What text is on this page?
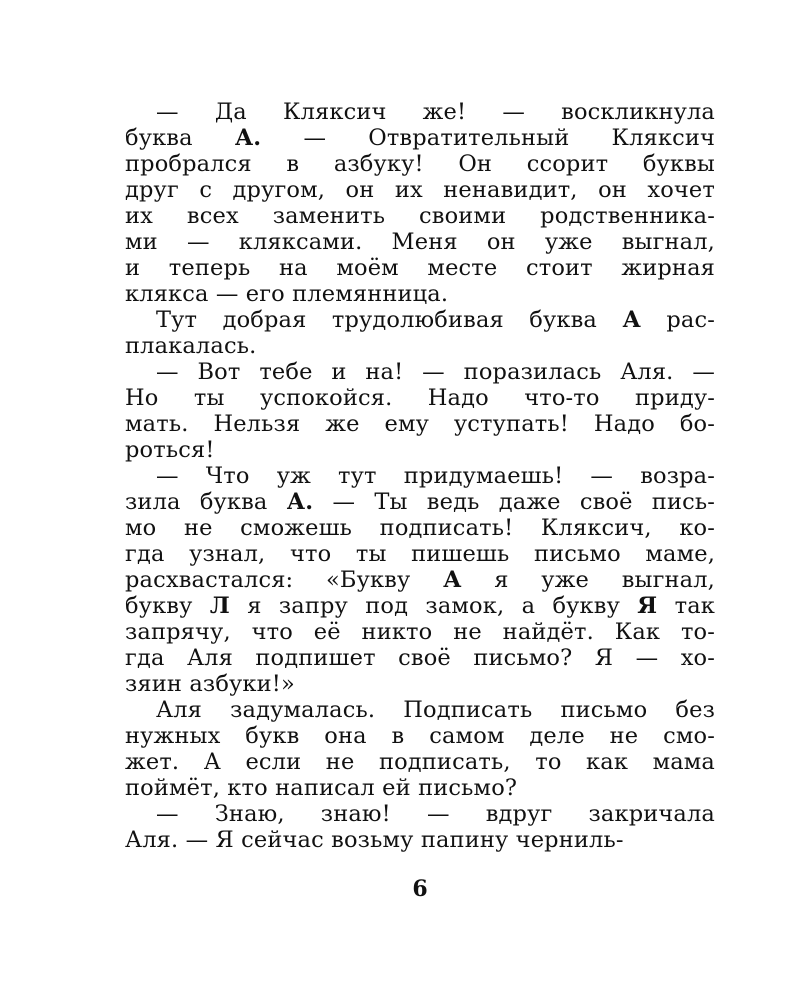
— Да Кляксич же! — воскликнула
буква А. — Отвратительный Кляксич
пробрался в азбуку! Он ссорит буквы
друг с другом, он их ненавидит, он хочет
их всех заменить своими родственника-
ми — кляксами. Меня он уже выгнал,
и теперь на моём месте стоит жирная
клякса — его племянница.
Тут добрая трудолюбивая буква А рас-
плакалась.
— Вот тебе и на! — поразилась Аля. —
Но ты успокойся. Надо что-то приду-
мать. Нельзя же ему уступать! Надо бо-
роться!
— Что уж тут придумаешь! — возра-
зила буква А. — Ты ведь даже своё пись-
мо не сможешь подписать! Кляксич, ко-
гда узнал, что ты пишешь письмо маме,
расхвастался: «Букву А я уже выгнал,
букву Л я запру под замок, а букву Я так
запрячу, что её никто не найдёт. Как то-
гда Аля подпишет своё письмо? Я — хо-
зяин азбуки!»
Аля задумалась. Подписать письмо без
нужных букв она в самом деле не смо-
жет. А если не подписать, то как мама
поймёт, кто написал ей письмо?
— Знаю, знаю! — вдруг закричала
Аля. — Я сейчас возьму папину черниль-
6
